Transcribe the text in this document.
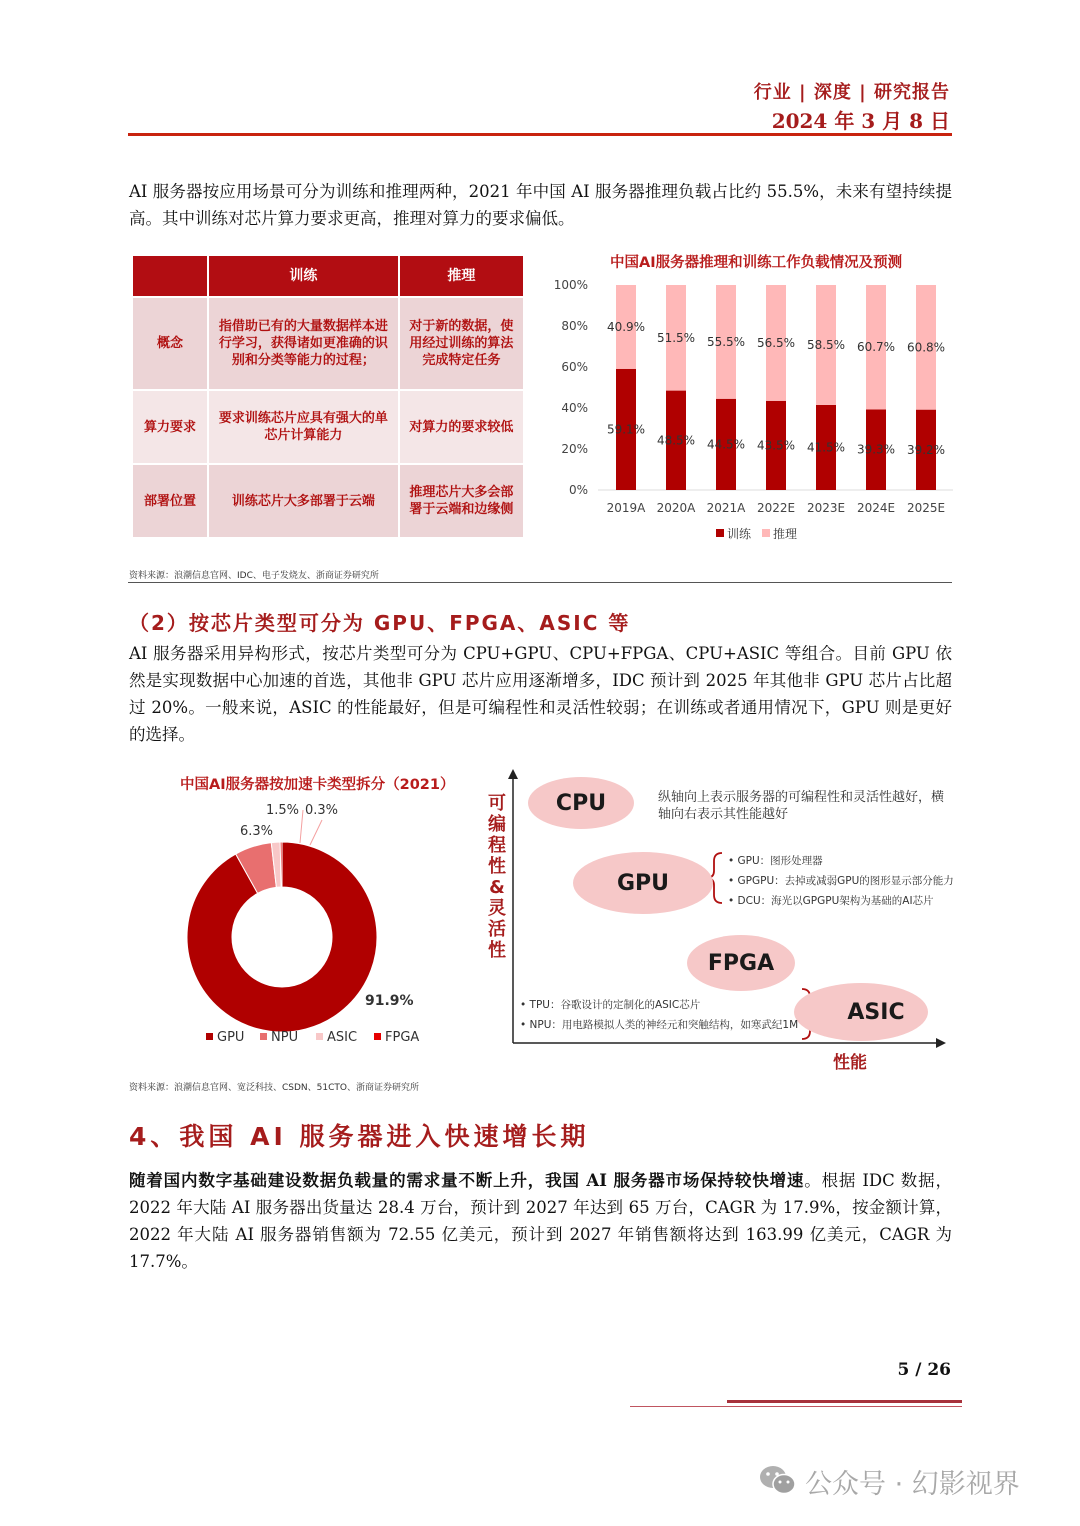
行业 | 深度 | 研究报告
2024 年 3 月 8 日
AI 服务器按应用场景可分为训练和推理两种，2021 年中国 AI 服务器推理负载占比约 55.5%，未来有望持续提高。其中训练对芯片算力要求更高，推理对算力的要求偏低。
	训练	推理
概念	指借助已有的大量数据样本进行学习，获得诸如更准确的识别和分类等能力的过程；	对于新的数据，使用经过训练的算法完成特定任务
算力要求	要求训练芯片应具有强大的单芯片计算能力	对算力的要求较低
部署位置	训练芯片大多部署于云端	推理芯片大多会部署于云端和边缘侧
中国AI服务器推理和训练工作负载情况及预测
0%
20%
40%
60%
80%
100%
59.1%
40.9%
2019A
48.5%
51.5%
2020A
44.5%
55.5%
2021A
43.5%
56.5%
2022E
41.5%
58.5%
2023E
39.3%
60.7%
2024E
39.2%
60.8%
2025E
训练 推理
资料来源：浪潮信息官网、IDC、电子发烧友、浙商证券研究所
（2）按芯片类型可分为 GPU、FPGA、ASIC 等
AI 服务器采用异构形式，按芯片类型可分为 CPU+GPU、CPU+FPGA、CPU+ASIC 等组合。目前 GPU 依然是实现数据中心加速的首选，其他非 GPU 芯片应用逐渐增多，IDC 预计到 2025 年其他非 GPU 芯片占比超过 20%。一般来说，ASIC 的性能最好，但是可编程性和灵活性较弱；在训练或者通用情况下，GPU 则是更好的选择。
中国AI服务器按加速卡类型拆分（2021）
91.9%
6.3%
1.5% 0.3%
GPU NPU ASIC FPGA
可
编
程
性
&
灵
活
性
CPU	纵轴向上表示服务器的可编程性和灵活性越好，横轴向右表示其性能越好
GPU
• GPU：图形处理器
• GPGPU：去掉或减弱GPU的图形显示部分能力
• DCU：海光以GPGPU架构为基础的AI芯片
FPGA
ASIC
• TPU：谷歌设计的定制化的ASIC芯片
• NPU：用电路模拟人类的神经元和突触结构，如寒武纪1M
性能
资料来源：浪潮信息官网、宽泛科技、CSDN、51CTO、浙商证券研究所
4、我国 AI 服务器进入快速增长期
随着国内数字基础建设数据负载量的需求量不断上升，我国 AI 服务器市场保持较快增速。根据 IDC 数据，2022 年大陆 AI 服务器出货量达 28.4 万台，预计到 2027 年达到 65 万台，CAGR 为 17.9%，按金额计算，2022 年大陆 AI 服务器销售额为 72.55 亿美元，预计到 2027 年销售额将达到 163.99 亿美元，CAGR 为 17.7%。
5 / 26
公众号 · 幻影视界
